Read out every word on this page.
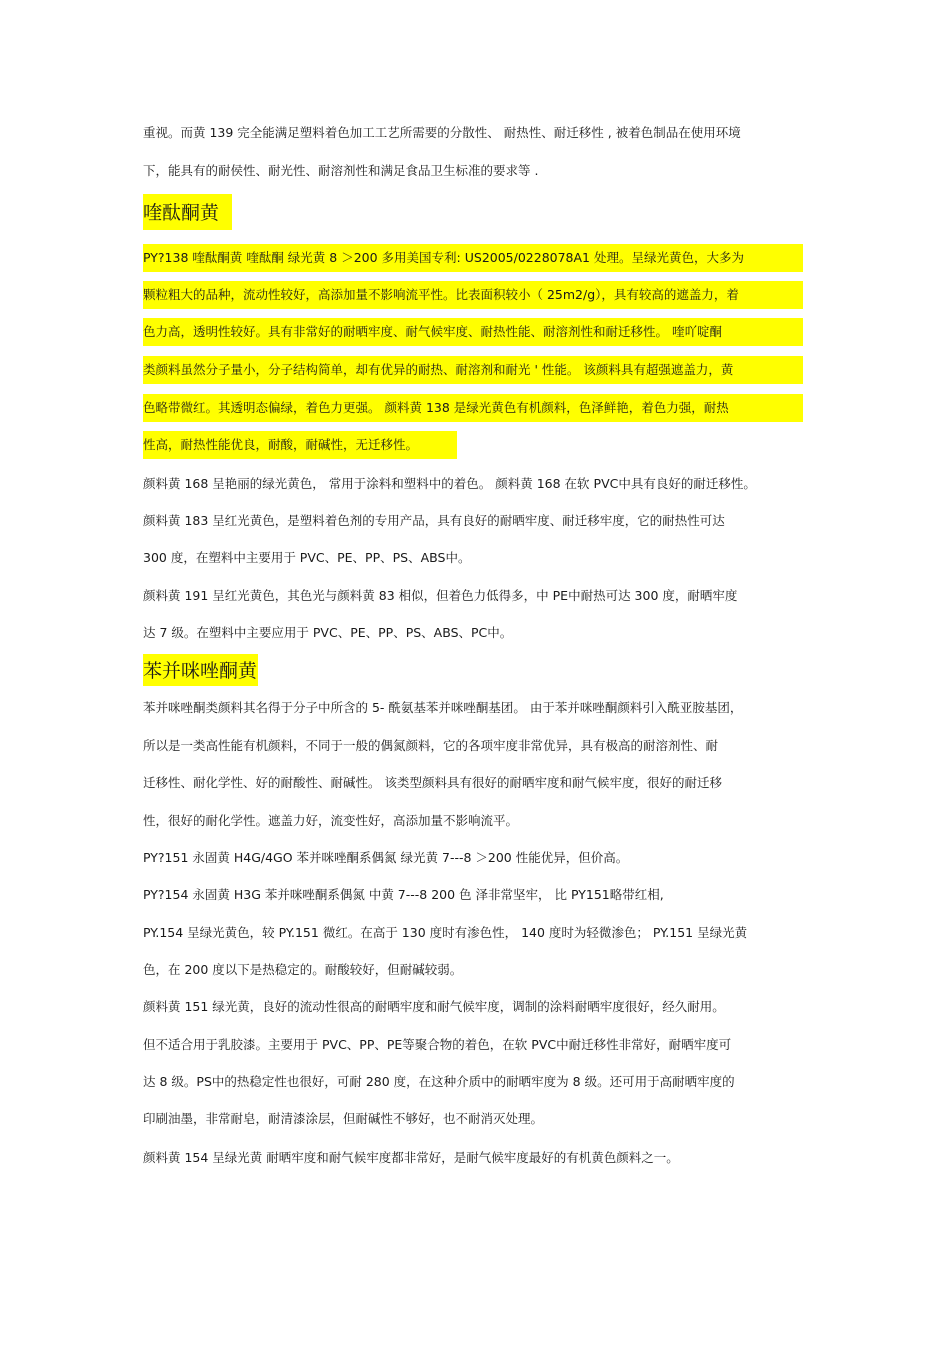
重视。而黄 139 完全能满足塑料着色加工工艺所需要的分散性、 耐热性、耐迁移性 , 被着色制品在使用环境
下，能具有的耐侯性、耐光性、耐溶剂性和满足食品卫生标准的要求等 .
喹酞酮黄
PY?138 喹酞酮黄 喹酞酮 绿光黄 8 ＞200 多用美国专利: US2005/0228078A1 处理。呈绿光黄色，大多为
颗粒粗大的品种，流动性较好，高添加量不影响流平性。比表面积较小（ 25m2/g），具有较高的遮盖力，着
色力高，透明性较好。具有非常好的耐晒牢度、耐气候牢度、耐热性能、耐溶剂性和耐迁移性。 喹吖啶酮
类颜料虽然分子量小，分子结构简单，却有优异的耐热、耐溶剂和耐光 ' 性能。 该颜料具有超强遮盖力，黄
色略带微红。其透明态偏绿，着色力更强。 颜料黄 138 是绿光黄色有机颜料，色泽鲜艳，着色力强，耐热
性高，耐热性能优良，耐酸，耐碱性，无迁移性。
颜料黄 168 呈艳丽的绿光黄色， 常用于涂料和塑料中的着色。 颜料黄 168 在软 PVC中具有良好的耐迁移性。
颜料黄 183 呈红光黄色，是塑料着色剂的专用产品，具有良好的耐晒牢度、耐迁移牢度，它的耐热性可达
300 度，在塑料中主要用于 PVC、PE、PP、PS、ABS中。
颜料黄 191 呈红光黄色，其色光与颜料黄 83 相似，但着色力低得多，中 PE中耐热可达 300 度，耐晒牢度
达 7 级。在塑料中主要应用于 PVC、PE、PP、PS、ABS、PC中。
苯并咪唑酮黄
苯并咪唑酮类颜料其名得于分子中所含的 5- 酰氨基苯并咪唑酮基团。 由于苯并咪唑酮颜料引入酰亚胺基团，
所以是一类高性能有机颜料，不同于一般的偶氮颜料，它的各项牢度非常优异，具有极高的耐溶剂性、耐
迁移性、耐化学性、好的耐酸性、耐碱性。 该类型颜料具有很好的耐晒牢度和耐气候牢度，很好的耐迁移
性，很好的耐化学性。遮盖力好，流变性好，高添加量不影响流平。
PY?151 永固黄 H4G/4GO 苯并咪唑酮系偶氮 绿光黄 7---8 ＞200 性能优异，但价高。
PY?154 永固黄 H3G 苯并咪唑酮系偶氮 中黄 7---8 200 色 泽非常坚牢， 比 PY151略带红相,
PY.154 呈绿光黄色，较 PY.151 微红。在高于 130 度时有渗色性， 140 度时为轻微渗色； PY.151 呈绿光黄
色，在 200 度以下是热稳定的。耐酸较好，但耐碱较弱。
颜料黄 151 绿光黄，良好的流动性很高的耐晒牢度和耐气候牢度，调制的涂料耐晒牢度很好，经久耐用。
但不适合用于乳胶漆。主要用于 PVC、PP、PE等聚合物的着色，在软 PVC中耐迁移性非常好，耐晒牢度可
达 8 级。PS中的热稳定性也很好，可耐 280 度，在这种介质中的耐晒牢度为 8 级。还可用于高耐晒牢度的
印刷油墨，非常耐皂，耐清漆涂层，但耐碱性不够好，也不耐消灭处理。
颜料黄 154 呈绿光黄 耐晒牢度和耐气候牢度都非常好，是耐气候牢度最好的有机黄色颜料之一。
